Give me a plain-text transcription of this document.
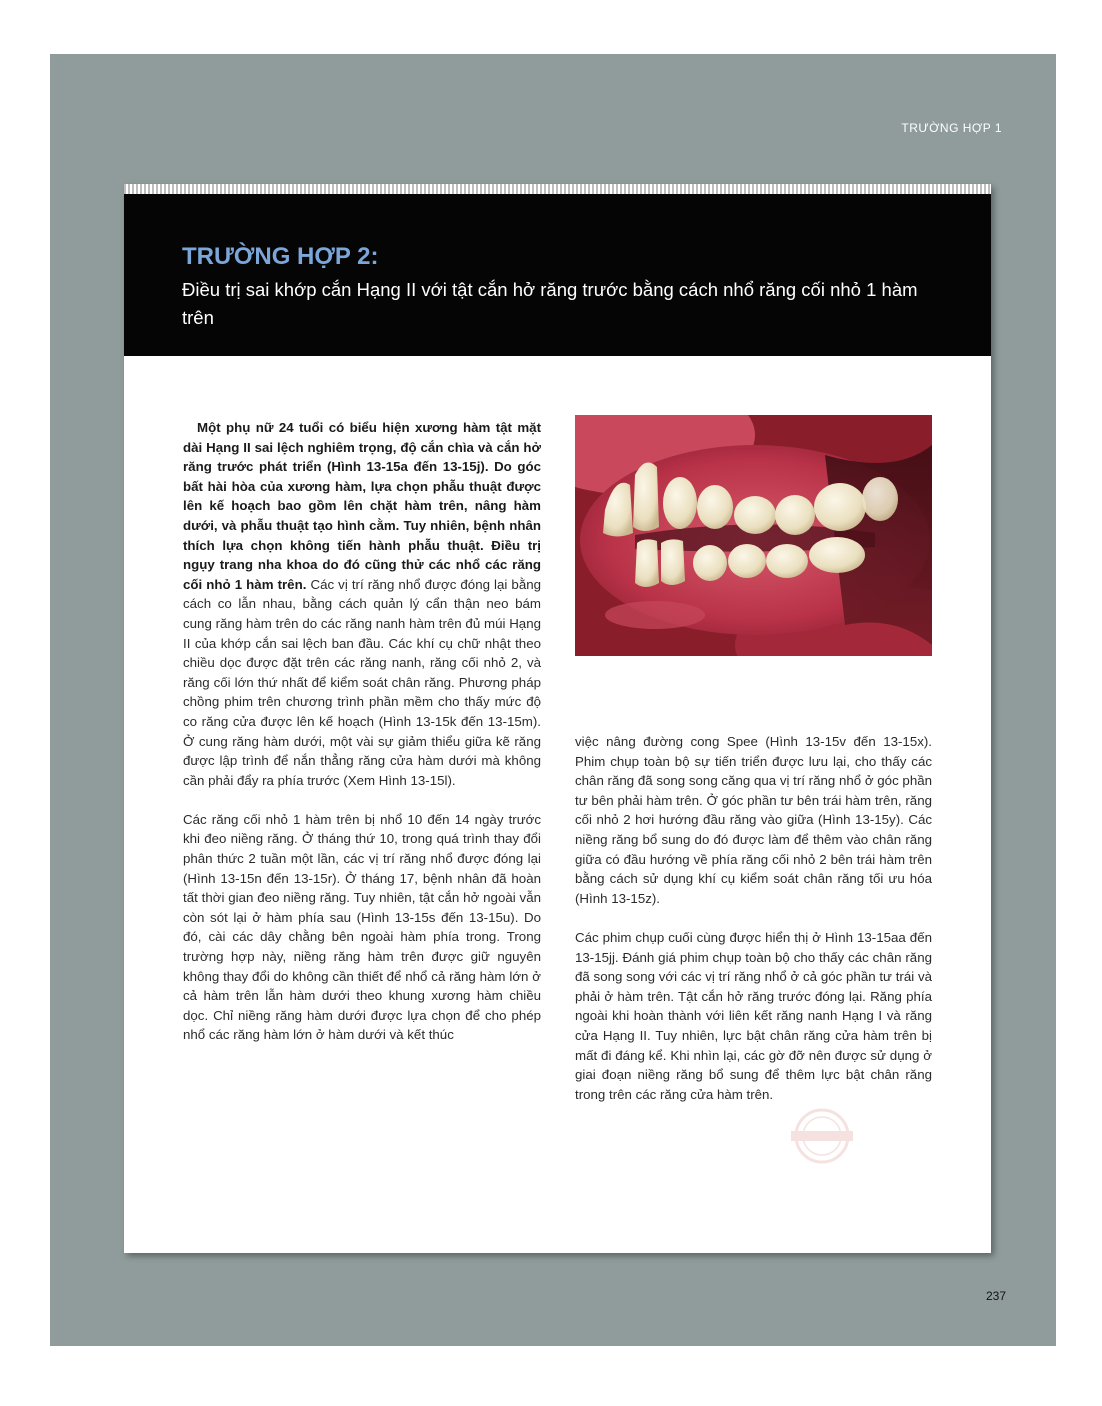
TRƯỜNG HỢP 1
TRƯỜNG HỢP 2:

Điều trị sai khớp cắn Hạng II với tật cắn hở răng trước bằng cách nhổ răng cối nhỏ 1 hàm trên

Một phụ nữ 24 tuổi có biểu hiện xương hàm tật mặt dài Hạng II sai lệch nghiêm trọng, độ cắn chìa và cắn hở răng trước phát triển (Hình 13-15a đến 13-15j). Do góc bất hài hòa của xương hàm, lựa chọn phẫu thuật được lên kế hoạch bao gồm lên chặt hàm trên, nâng hàm dưới, và phẫu thuật tạo hình cằm. Tuy nhiên, bệnh nhân thích lựa chọn không tiến hành phẫu thuật. Điều trị ngụy trang nha khoa do đó cũng thử các nhổ các răng cối nhỏ 1 hàm trên. Các vị trí răng nhổ được đóng lại bằng cách co lẫn nhau, bằng cách quản lý cẩn thận neo bám cung răng hàm trên do các răng nanh hàm trên đủ múi Hạng II của khớp cắn sai lệch ban đầu. Các khí cụ chữ nhật theo chiều dọc được đặt trên các răng nanh, răng cối nhỏ 2, và răng cối lớn thứ nhất để kiểm soát chân răng. Phương pháp chồng phim trên chương trình phần mềm cho thấy mức độ co răng cửa được lên kế hoạch (Hình 13-15k đến 13-15m). Ở cung răng hàm dưới, một vài sự giảm thiểu giữa kẽ răng được lập trình để nắn thẳng răng cửa hàm dưới mà không cần phải đẩy ra phía trước (Xem Hình 13-15l).

Các răng cối nhỏ 1 hàm trên bị nhổ 10 đến 14 ngày trước khi đeo niềng răng. Ở tháng thứ 10, trong quá trình thay đổi phân thức 2 tuần một lần, các vị trí răng nhổ được đóng lại (Hình 13-15n đến 13-15r). Ở tháng 17, bệnh nhân đã hoàn tất thời gian đeo niềng răng. Tuy nhiên, tật cắn hở ngoài vẫn còn sót lại ở hàm phía sau (Hình 13-15s đến 13-15u). Do đó, cài các dây chằng bên ngoài hàm phía trong. Trong trường hợp này, niềng răng hàm trên được giữ nguyên không thay đổi do không cần thiết để nhổ cả răng hàm lớn ở cả hàm trên lẫn hàm dưới theo khung xương hàm chiều dọc. Chỉ niềng răng hàm dưới được lựa chọn để cho phép nhổ các răng hàm lớn ở hàm dưới và kết thúc

việc nâng đường cong Spee (Hình 13-15v đến 13-15x). Phim chụp toàn bộ sự tiến triển được lưu lại, cho thấy các chân răng đã song song căng qua vị trí răng nhổ ở góc phần tư bên phải hàm trên. Ở góc phần tư bên trái hàm trên, răng cối nhỏ 2 hơi hướng đầu răng vào giữa (Hình 13-15y). Các niềng răng bổ sung do đó được làm để thêm vào chân răng giữa có đầu hướng về phía răng cối nhỏ 2 bên trái hàm trên bằng cách sử dụng khí cụ kiểm soát chân răng tối ưu hóa (Hình 13-15z).

Các phim chụp cuối cùng được hiển thị ở Hình 13-15aa đến 13-15jj. Đánh giá phim chụp toàn bộ cho thấy các chân răng đã song song với các vị trí răng nhổ ở cả góc phần tư trái và phải ở hàm trên. Tật cắn hở răng trước đóng lại. Răng phía ngoài khi hoàn thành với liên kết răng nanh Hạng I và răng cửa Hạng II. Tuy nhiên, lực bật chân răng cửa hàm trên bị mất đi đáng kể. Khi nhìn lại, các gờ đỡ nên được sử dụng ở giai đoạn niềng răng bổ sung để thêm lực bật chân răng trong trên các răng cửa hàm trên.

237
